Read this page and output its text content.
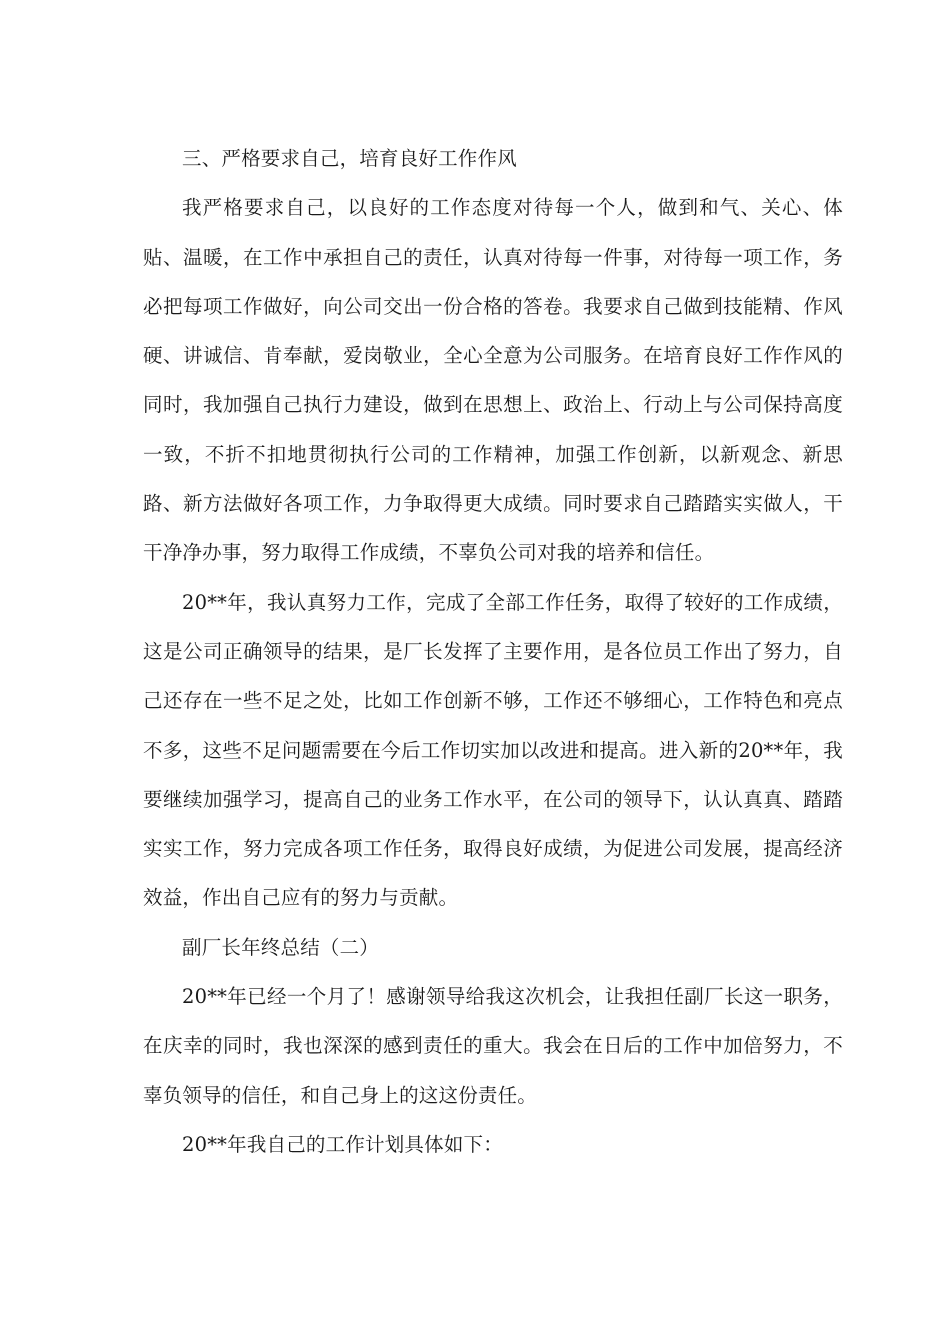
三、严格要求自己，培育良好工作作风

我严格要求自己，以良好的工作态度对待每一个人，做到和气、关心、体贴、温暖，在工作中承担自己的责任，认真对待每一件事，对待每一项工作，务必把每项工作做好，向公司交出一份合格的答卷。我要求自己做到技能精、作风硬、讲诚信、肯奉献，爱岗敬业，全心全意为公司服务。在培育良好工作作风的同时，我加强自己执行力建设，做到在思想上、政治上、行动上与公司保持高度一致，不折不扣地贯彻执行公司的工作精神，加强工作创新，以新观念、新思路、新方法做好各项工作，力争取得更大成绩。同时要求自己踏踏实实做人，干干净净办事，努力取得工作成绩，不辜负公司对我的培养和信任。

20**年，我认真努力工作，完成了全部工作任务，取得了较好的工作成绩，这是公司正确领导的结果，是厂长发挥了主要作用，是各位员工作出了努力，自己还存在一些不足之处，比如工作创新不够，工作还不够细心，工作特色和亮点不多，这些不足问题需要在今后工作切实加以改进和提高。进入新的20**年，我要继续加强学习，提高自己的业务工作水平，在公司的领导下，认认真真、踏踏实实工作，努力完成各项工作任务，取得良好成绩，为促进公司发展，提高经济效益，作出自己应有的努力与贡献。

副厂长年终总结（二）

20**年已经一个月了！感谢领导给我这次机会，让我担任副厂长这一职务，在庆幸的同时，我也深深的感到责任的重大。我会在日后的工作中加倍努力，不辜负领导的信任，和自己身上的这这份责任。

20**年我自己的工作计划具体如下：
